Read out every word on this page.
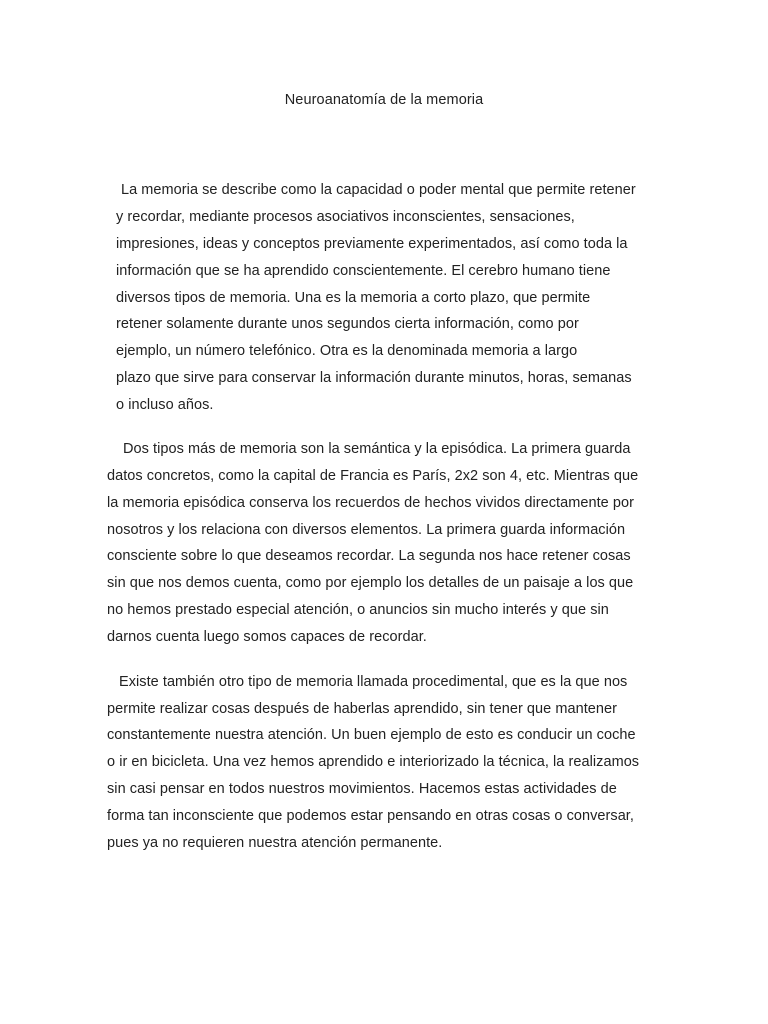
Neuroanatomía de la memoria
La memoria se describe como la capacidad o poder mental que permite retener
y recordar, mediante procesos asociativos inconscientes, sensaciones,
impresiones, ideas y conceptos previamente experimentados, así como toda la
información que se ha aprendido conscientemente. El cerebro humano tiene
diversos tipos de memoria. Una es la memoria a corto plazo, que permite
retener solamente durante unos segundos cierta información, como por
ejemplo, un número telefónico. Otra es la denominada memoria a largo
plazo que sirve para conservar la información durante minutos, horas, semanas
o incluso años.
Dos tipos más de memoria son la semántica y la episódica. La primera guarda
datos concretos, como la capital de Francia es París, 2x2 son 4, etc. Mientras que
la memoria episódica conserva los recuerdos de hechos vividos directamente por
nosotros y los relaciona con diversos elementos. La primera guarda información
consciente sobre lo que deseamos recordar. La segunda nos hace retener cosas
sin que nos demos cuenta, como por ejemplo los detalles de un paisaje a los que
no hemos prestado especial atención, o anuncios sin mucho interés y que sin
darnos cuenta luego somos capaces de recordar.
Existe también otro tipo de memoria llamada procedimental, que es la que nos
permite realizar cosas después de haberlas aprendido, sin tener que mantener
constantemente nuestra atención. Un buen ejemplo de esto es conducir un coche
o ir en bicicleta. Una vez hemos aprendido e interiorizado la técnica, la realizamos
sin casi pensar en todos nuestros movimientos. Hacemos estas actividades de
forma tan inconsciente que podemos estar pensando en otras cosas o conversar,
pues ya no requieren nuestra atención permanente.
